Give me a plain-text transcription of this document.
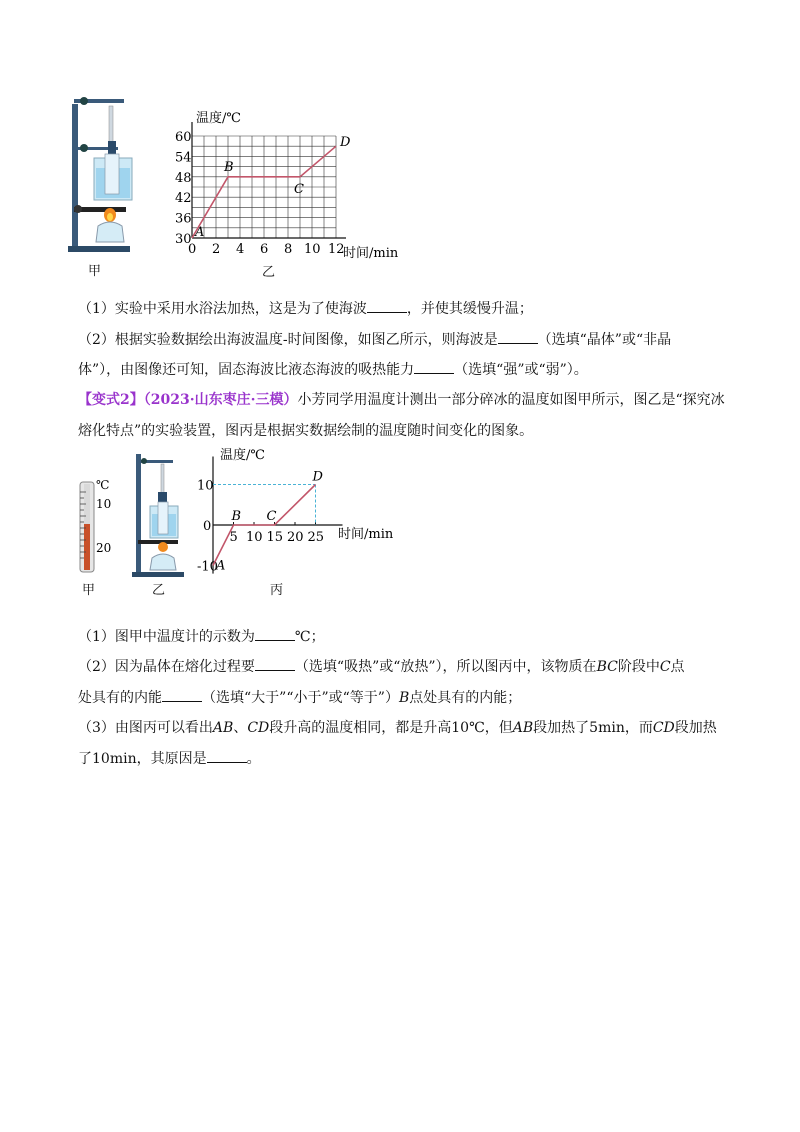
甲
30
36
42
48
54
60
0 2 4 6 8 10 12
A
B
C
D
温度/℃
时间/min
乙
（1）实验中采用水浴法加热，这是为了使海波	，并使其缓慢升温；
（2）根据实验数据绘出海波温度-时间图像，如图乙所示，则海波是	（选填“晶体”或“非晶
体”），由图像还可知，固态海波比液态海波的吸热能力	（选填“强”或“弱”）。
【变式2】（2023·山东枣庄·三模）小芳同学用温度计测出一部分碎冰的温度如图甲所示，图乙是“探究冰
熔化特点”的实验装置，图丙是根据实数据绘制的温度随时间变化的图象。
℃
10
20
甲	乙
10
0
-10
5 10 15 20 25
A
B C
D
温度/℃
时间/min
丙
（1）图甲中温度计的示数为	℃；
（2）因为晶体在熔化过程要	（选填“吸热”或“放热”），所以图丙中，该物质在BC阶段中C点
处具有的内能	（选填“大于”“小于”或“等于”）B点处具有的内能；
（3）由图丙可以看出AB、CD段升高的温度相同，都是升高10℃，但AB段加热了5min，而CD段加热
了10min，其原因是	。
